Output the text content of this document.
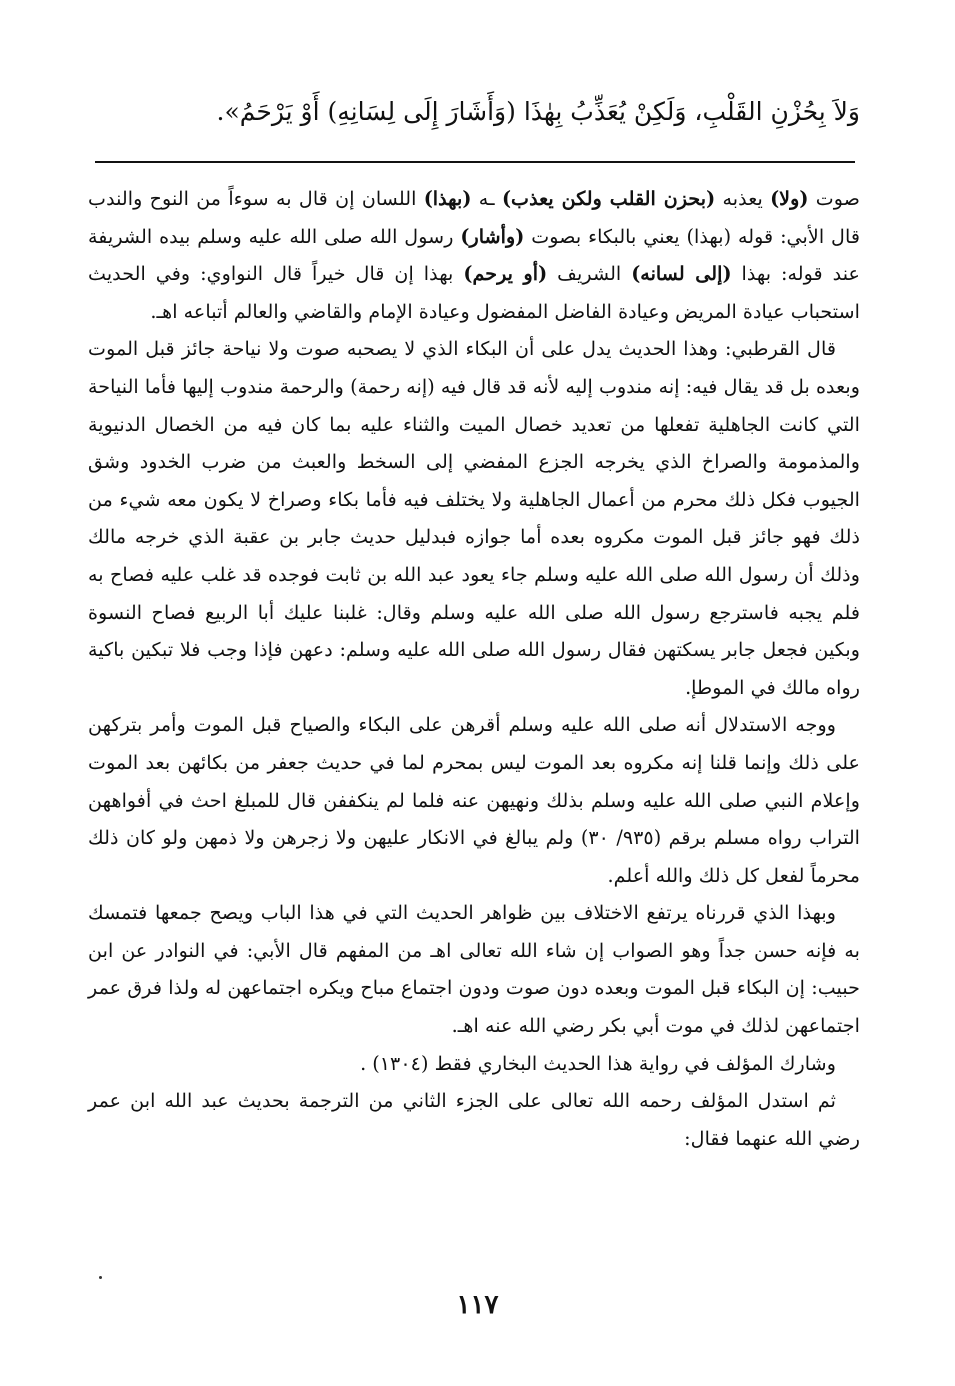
وَلاَ بِحُزْنِ القَلْبِ، وَلَكِنْ يُعَذِّبُ بِهٰذَا (وَأَشَارَ إِلَى لِسَانِهِ) أَوْ يَرْحَمُ».

صوت (ولا) يعذبه (بحزن القلب ولكن يعذب) ـه (بهذا) اللسان إن قال به سوءاً من النوح والندب قال الأبي: قوله (بهذا) يعني بالبكاء بصوت (وأشار) رسول الله صلى الله عليه وسلم بيده الشريفة عند قوله: بهذا (إلى لسانه) الشريف (أو يرحم) بهذا إن قال خيراً قال النواوي: وفي الحديث استحباب عيادة المريض وعيادة الفاضل المفضول وعيادة الإمام والقاضي والعالم أتباعه اهـ.

قال القرطبي: وهذا الحديث يدل على أن البكاء الذي لا يصحبه صوت ولا نياحة جائز قبل الموت وبعده بل قد يقال فيه: إنه مندوب إليه لأنه قد قال فيه (إنه رحمة) والرحمة مندوب إليها فأما النياحة التي كانت الجاهلية تفعلها من تعديد خصال الميت والثناء عليه بما كان فيه من الخصال الدنيوية والمذمومة والصراخ الذي يخرجه الجزع المفضي إلى السخط والعبث من ضرب الخدود وشق الجيوب فكل ذلك محرم من أعمال الجاهلية ولا يختلف فيه فأما بكاء وصراخ لا يكون معه شيء من ذلك فهو جائز قبل الموت مكروه بعده أما جوازه فبدليل حديث جابر بن عقبة الذي خرجه مالك وذلك أن رسول الله صلى الله عليه وسلم جاء يعود عبد الله بن ثابت فوجده قد غلب عليه فصاح به فلم يجبه فاسترجع رسول الله صلى الله عليه وسلم وقال: غلبنا عليك أبا الربيع فصاح النسوة وبكين فجعل جابر يسكتهن فقال رسول الله صلى الله عليه وسلم: دعهن فإذا وجب فلا تبكين باكية رواه مالك في الموطإ.

ووجه الاستدلال أنه صلى الله عليه وسلم أقرهن على البكاء والصياح قبل الموت وأمر بتركهن على ذلك وإنما قلنا إنه مكروه بعد الموت ليس بمحرم لما في حديث جعفر من بكائهن بعد الموت وإعلام النبي صلى الله عليه وسلم بذلك ونهيهن عنه فلما لم ينكففن قال للمبلغ احث في أفواههن التراب رواه مسلم برقم (٩٣٥/ ٣٠) ولم يبالغ في الانكار عليهن ولا زجرهن ولا ذمهن ولو كان ذلك محرماً لفعل كل ذلك والله أعلم.

وبهذا الذي قررناه يرتفع الاختلاف بين ظواهر الحديث التي في هذا الباب ويصح جمعها فتمسك به فإنه حسن جداً وهو الصواب إن شاء الله تعالى اهـ من المفهم قال الأبي: في النوادر عن ابن حبيب: إن البكاء قبل الموت وبعده دون صوت ودون اجتماع مباح ويكره اجتماعهن له ولذا فرق عمر اجتماعهن لذلك في موت أبي بكر رضي الله عنه اهـ.

وشارك المؤلف في رواية هذا الحديث البخاري فقط (١٣٠٤) .

ثم استدل المؤلف رحمه الله تعالى على الجزء الثاني من الترجمة بحديث عبد الله ابن عمر رضي الله عنهما فقال:

١١٧
